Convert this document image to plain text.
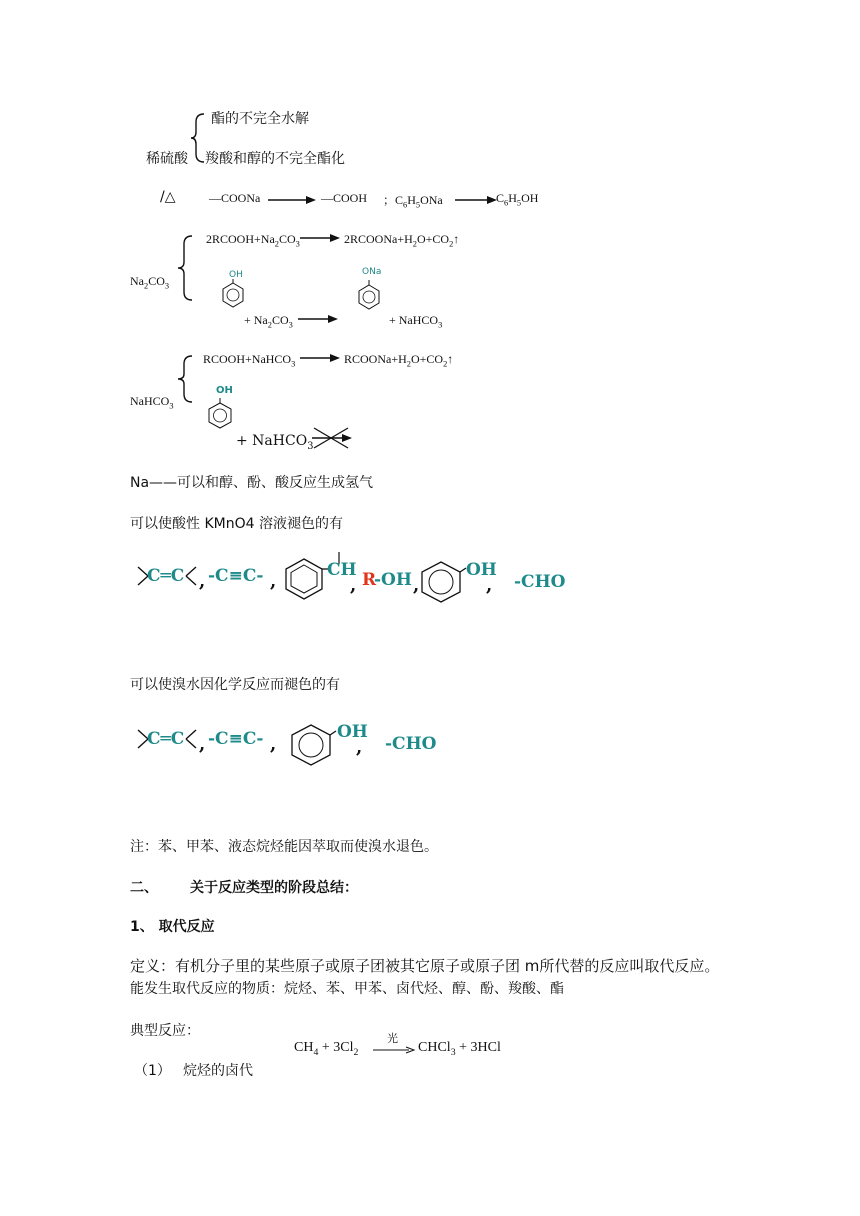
酯的不完全水解
稀硫酸 羧酸和醇的不完全酯化
/△	—COONa	—COOH ；$C_6H_5ONa$	$C_6H_5OH$
$2RCOOH+Na_2CO_3$	$2RCOONa+H_2O+CO_2↑$
$Na_2CO_3$
OH	ONa
+ $Na_2CO_3$	+ NaHCO$_3$
RCOOH+NaHCO$_3$	$RCOONa+H_2O+CO_2↑$
NaHCO$_3$
OH
+ NaHCO$_3$
Na——可以和醇、酚、酸反应生成氢气
可以使酸性 KMnO4 溶液褪色的有
C═C , -C≡C- ,
CH
, R
-OH ,
OH
, -CHO
可以使溴水因化学反应而褪色的有
C═C , -C≡C- ,
OH
, -CHO
注：苯、甲苯、液态烷烃能因萃取而使溴水退色。
二、 关于反应类型的阶段总结：
1、 取代反应
定义：有机分子里的某些原子或原子团被其它原子或原子团 m所代替的反应叫取代反应。
能发生取代反应的物质：烷烃、苯、甲苯、卤代烃、醇、酚、羧酸、酯
典型反应：
$CH_4 + 3Cl_2$
光
CHCl$_3$ + 3HCl
（1） 烷烃的卤代
